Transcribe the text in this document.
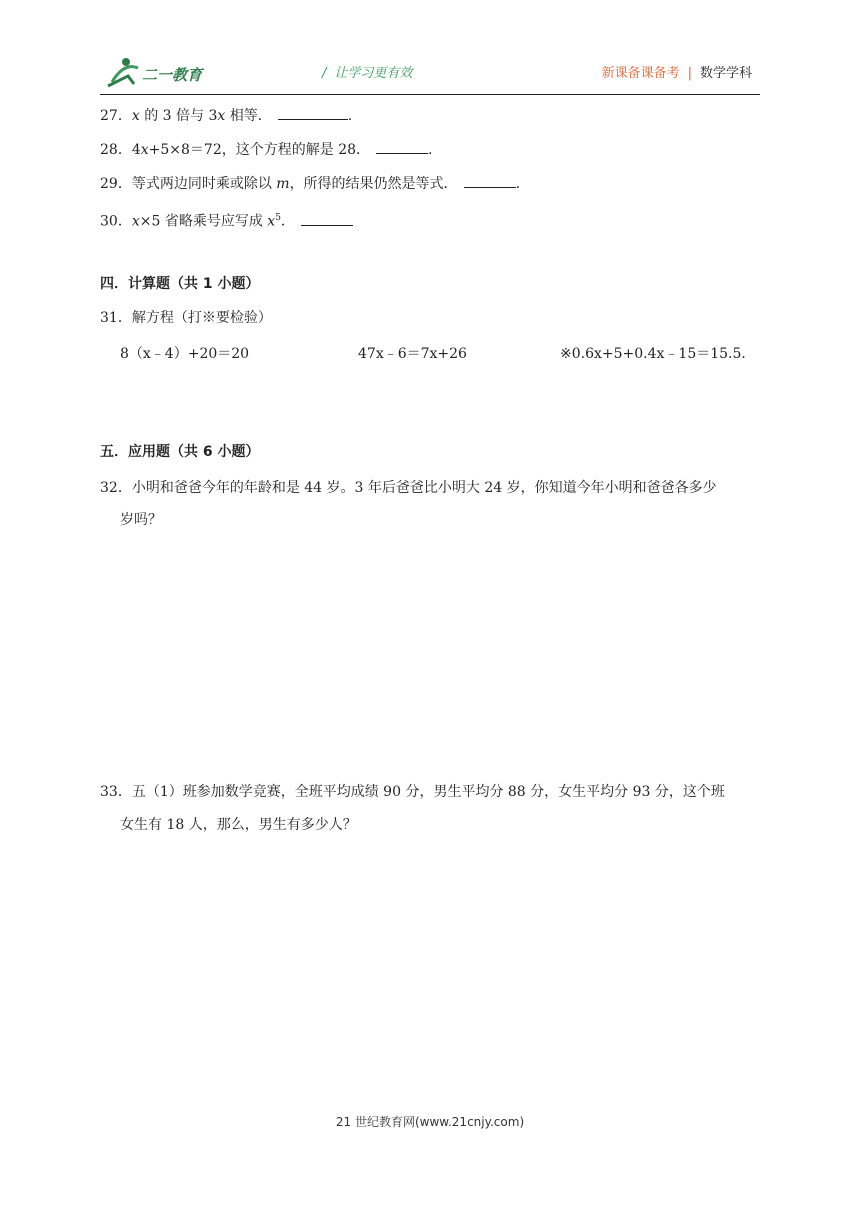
二一教育	/ 让学习更有效	新课备课备考 | 数学学科
27．x 的 3 倍与 3x 相等．	.
28．4x+5×8＝72，这个方程的解是 28．	.
29．等式两边同时乘或除以 m，所得的结果仍然是等式．	.
30．x×5 省略乘号应写成 $x^5$．
四．计算题（共 1 小题）
31．解方程（打※要检验）
8（x﹣4）+20＝20	47x﹣6＝7x+26	※0.6x+5+0.4x﹣15＝15.5．
五．应用题（共 6 小题）
32．小明和爸爸今年的年龄和是 44 岁。3 年后爸爸比小明大 24 岁，你知道今年小明和爸爸各多少
岁吗？
33．五（1）班参加数学竞赛，全班平均成绩 90 分，男生平均分 88 分，女生平均分 93 分，这个班
女生有 18 人，那么，男生有多少人？
21 世纪教育网(www.21cnjy.com)
